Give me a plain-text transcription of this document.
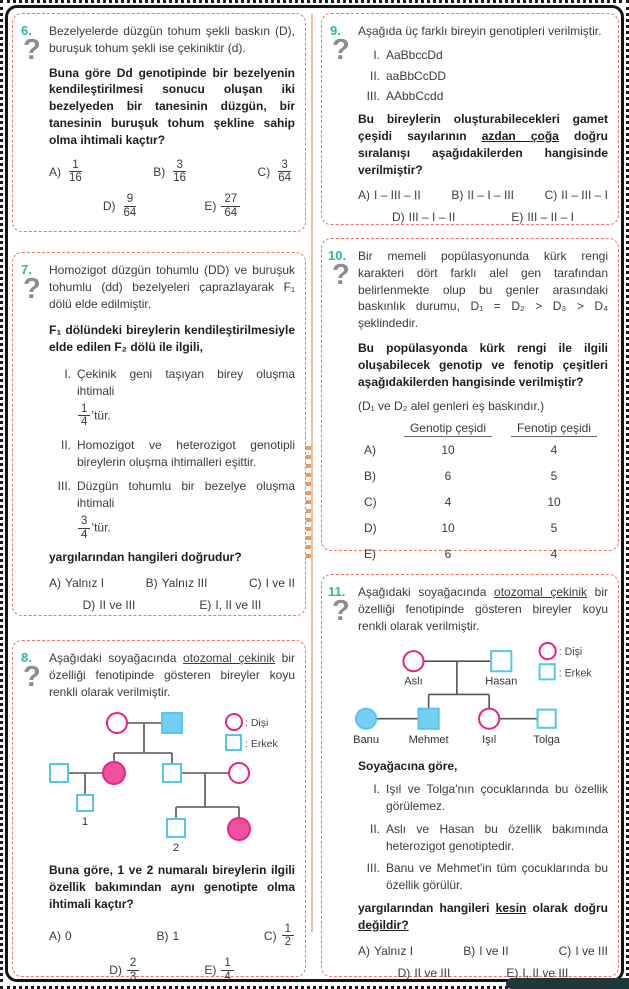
6.
?

Bezelyelerde düzgün tohum şekli baskın (D), buruşuk tohum şekli ise çekiniktir (d).

Buna göre Dd genotipinde bir bezelyenin kendileştirilmesi sonucu oluşan iki bezelyeden bir tanesinin düzgün, bir tanesinin buruşuk tohum şekline sahip olma ihtimali kaçtır?

$A) \frac{1}{16}$	$B) \frac{3}{16}$	$C) \frac{3}{64}$
$D) \frac{9}{64}$	$E) \frac{27}{64}$
7.
?

Homozigot düzgün tohumlu (DD) ve buruşuk tohumlu (dd) bezelyeleri çaprazlayarak F₁ dölü elde edilmiştir.

F₁ dölündeki bireylerin kendileştirilmesiyle elde edilen F₂ dölü ile ilgili,

I. Çekinik geni taşıyan birey oluşma ihtimali
$\frac{1}{4}$ ’tür.
II. Homozigot ve heterozigot genotipli bireylerin oluşma ihtimalleri eşittir.
III. Düzgün tohumlu bir bezelye oluşma ihtimali
$\frac{3}{4}$ ’tür.

yargılarından hangileri doğrudur?

A) Yalnız I	B) Yalnız III	C) I ve II
D) II ve III	E) I, II ve III
8.
?

Aşağıdaki soyağacında otozomal çekinik bir özelliği fenotipinde gösteren bireyler koyu renkli olarak verilmiştir.

1
2
: Dişi
: Erkek

Buna göre, 1 ve 2 numaralı bireylerin ilgili özellik bakımından aynı genotipte olma ihtimali kaçtır?

A) 0	B) 1	$C) \frac{1}{2}$
$D) \frac{2}{3}$	$E) \frac{1}{4}$
9.
?

Aşağıda üç farklı bireyin genotipleri verilmiştir.

I. AaBbccDd
II. aaBbCcDD
III. AAbbCcdd

Bu bireylerin oluşturabilecekleri gamet çeşidi sayılarının azdan çoğa doğru sıralanışı aşağıdakilerden hangisinde verilmiştir?

A) I – III – II	B) II – I – III	C) II – III – I
D) III – I – II	E) III – II – I
10.
?

Bir memeli popülasyonunda kürk rengi karakteri dört farklı alel gen tarafından belirlenmekte olup bu genler arasındaki baskınlık durumu, D₁ = D₂ > D₃ > D₄ şeklindedir.

Bu popülasyonda kürk rengi ile ilgili oluşabilecek genotip ve fenotip çeşitleri aşağıdakilerden hangisinde verilmiştir?

(D₁ ve D₂ alel genleri eş baskındır.)

Genotip çeşidi	Fenotip çeşidi
A)	10	4
B)	6	5
C)	4	10
D)	10	5
E)	6	4
11.
?

Aşağıdaki soyağacında otozomal çekinik bir özelliği fenotipinde gösteren bireyler koyu renkli olarak verilmiştir.

Aslı	Hasan
Banu	Mehmet	Işıl	Tolga
: Dişi
: Erkek

Soyağacına göre,

I. Işıl ve Tolga'nın çocuklarında bu özellik görülemez.
II. Aslı ve Hasan bu özellik bakımında heterozigot genotiptedir.
III. Banu ve Mehmet'in tüm çocuklarında bu özellik görülür.

yargılarından hangileri kesin olarak doğru değildir?

A) Yalnız I	B) I ve II	C) I ve III
D) II ve III	E) I, II ve III
